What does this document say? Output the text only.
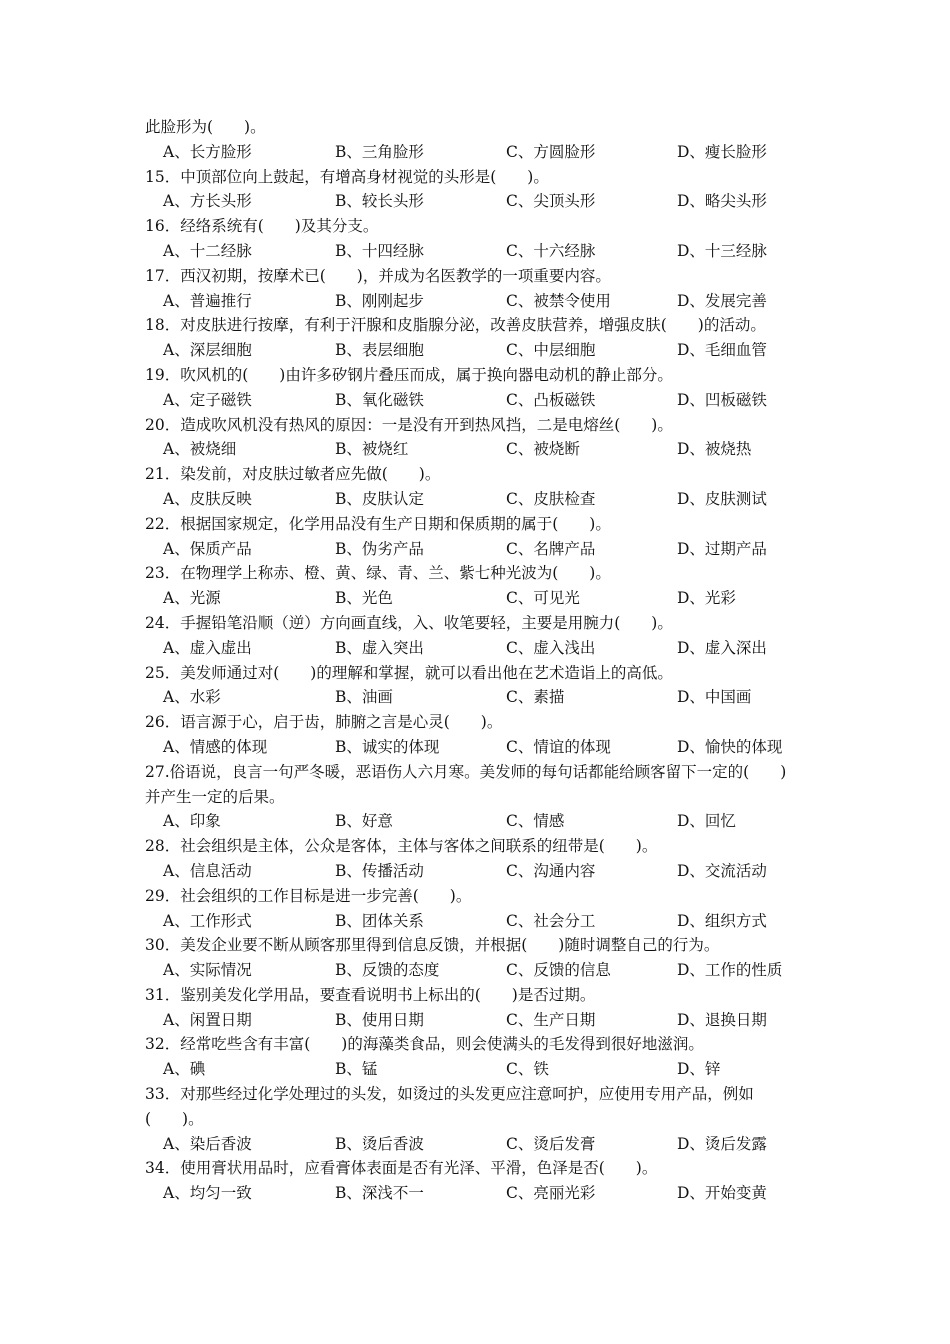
此脸形为(　　)。
A、长方脸形	B、三角脸形	C、方圆脸形	D、瘦长脸形
15．中顶部位向上鼓起，有增高身材视觉的头形是(　　)。
A、方长头形	B、较长头形	C、尖顶头形	D、略尖头形
16．经络系统有(　　)及其分支。
A、十二经脉	B、十四经脉	C、十六经脉	D、十三经脉
17．西汉初期，按摩术已(　　)，并成为名医教学的一项重要内容。
A、普遍推行	B、刚刚起步	C、被禁令使用	D、发展完善
18．对皮肤进行按摩，有利于汗腺和皮脂腺分泌，改善皮肤营养，增强皮肤(　　)的活动。
A、深层细胞	B、表层细胞	C、中层细胞	D、毛细血管
19．吹风机的(　　)由许多矽钢片叠压而成，属于换向器电动机的静止部分。
A、定子磁铁	B、氧化磁铁	C、凸板磁铁	D、凹板磁铁
20．造成吹风机没有热风的原因：一是没有开到热风挡，二是电熔丝(　　)。
A、被烧细	B、被烧红	C、被烧断	D、被烧热
21．染发前，对皮肤过敏者应先做(　　)。
A、皮肤反映	B、皮肤认定	C、皮肤检查	D、皮肤测试
22．根据国家规定，化学用品没有生产日期和保质期的属于(　　)。
A、保质产品	B、伪劣产品	C、名牌产品	D、过期产品
23．在物理学上称赤、橙、黄、绿、青、兰、紫七种光波为(　　)。
A、光源	B、光色	C、可见光	D、光彩
24．手握铅笔沿顺（逆）方向画直线，入、收笔要轻，主要是用腕力(　　)。
A、虚入虚出	B、虚入突出	C、虚入浅出	D、虚入深出
25．美发师通过对(　　)的理解和掌握，就可以看出他在艺术造诣上的高低。
A、水彩	B、油画	C、素描	D、中国画
26．语言源于心，启于齿，肺腑之言是心灵(　　)。
A、情感的体现	B、诚实的体现	C、情谊的体现	D、愉快的体现
27.俗语说，良言一句严冬暖，恶语伤人六月寒。美发师的每句话都能给顾客留下一定的(　　)
并产生一定的后果。
A、印象	B、好意	C、情感	D、回忆
28．社会组织是主体，公众是客体，主体与客体之间联系的纽带是(　　)。
A、信息活动	B、传播活动	C、沟通内容	D、交流活动
29．社会组织的工作目标是进一步完善(　　)。
A、工作形式	B、团体关系	C、社会分工	D、组织方式
30．美发企业要不断从顾客那里得到信息反馈，并根据(　　)随时调整自己的行为。
A、实际情况	B、反馈的态度	C、反馈的信息	D、工作的性质
31．鉴别美发化学用品，要查看说明书上标出的(　　)是否过期。
A、闲置日期	B、使用日期	C、生产日期	D、退换日期
32．经常吃些含有丰富(　　)的海藻类食品，则会使满头的毛发得到很好地滋润。
A、碘	B、锰	C、铁	D、锌
33．对那些经过化学处理过的头发，如烫过的头发更应注意呵护，应使用专用产品，例如
(　　)。
A、染后香波	B、烫后香波	C、烫后发膏	D、烫后发露
34．使用膏状用品时，应看膏体表面是否有光泽、平滑，色泽是否(　　)。
A、均匀一致	B、深浅不一	C、亮丽光彩	D、开始变黄
